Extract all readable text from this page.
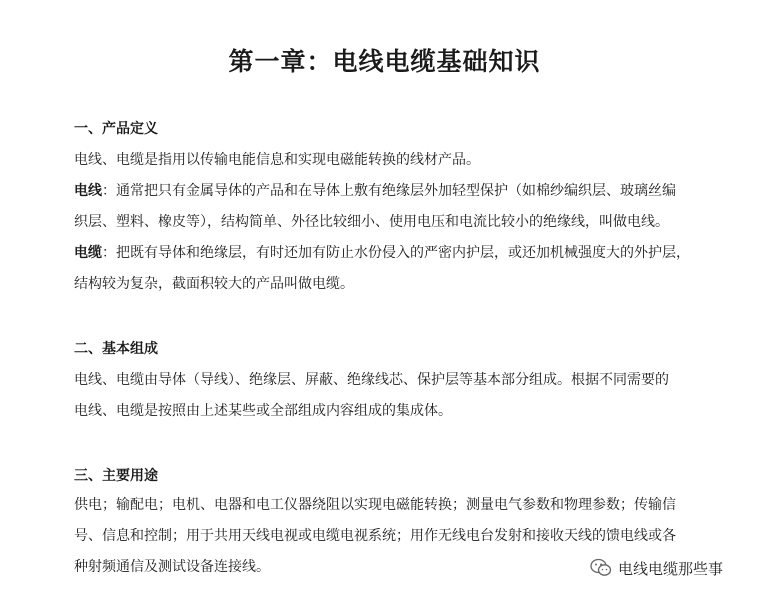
第一章：电线电缆基础知识
一、产品定义

电线、电缆是指用以传输电能信息和实现电磁能转换的线材产品。

电线：通常把只有金属导体的产品和在导体上敷有绝缘层外加轻型保护（如棉纱编织层、玻璃丝编

织层、塑料、橡皮等），结构简单、外径比较细小、使用电压和电流比较小的绝缘线，叫做电线。

电缆：把既有导体和绝缘层，有时还加有防止水份侵入的严密内护层，或还加机械强度大的外护层，

结构较为复杂，截面积较大的产品叫做电缆。

二、基本组成

电线、电缆由导体（导线）、绝缘层、屏蔽、绝缘线芯、保护层等基本部分组成。根据不同需要的

电线、电缆是按照由上述某些或全部组成内容组成的集成体。

三、主要用途

供电；输配电；电机、电器和电工仪器绕阻以实现电磁能转换；测量电气参数和物理参数；传输信

号、信息和控制；用于共用天线电视或电缆电视系统；用作无线电台发射和接收天线的馈电线或各

种射频通信及测试设备连接线。	电线电缆那些事
